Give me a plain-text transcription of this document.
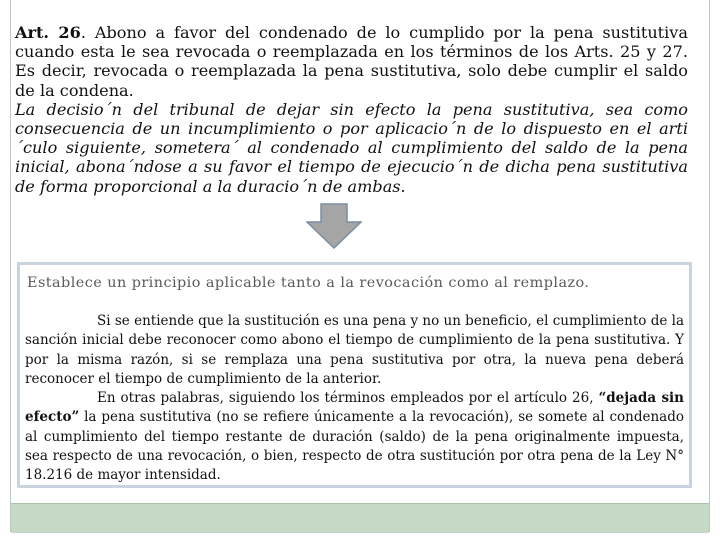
Art. 26. Abono a favor del condenado de lo cumplido por la pena sustitutiva cuando esta le sea revocada o reemplazada en los términos de los Arts. 25 y 27. Es decir, revocada o reemplazada la pena sustitutiva, solo debe cumplir el saldo de la condena.

La decisio´n del tribunal de dejar sin efecto la pena sustitutiva, sea como consecuencia de un incumplimiento o por aplicacio´n de lo dispuesto en el arti´culo siguiente, sometera´ al condenado al cumplimiento del saldo de la pena inicial, abona´ndose a su favor el tiempo de ejecucio´n de dicha pena sustitutiva de forma proporcional a la duracio´n de ambas.

Establece un principio aplicable tanto a la revocación como al remplazo.

Si se entiende que la sustitución es una pena y no un beneficio, el cumplimiento de la sanción inicial debe reconocer como abono el tiempo de cumplimiento de la pena sustitutiva. Y por la misma razón, si se remplaza una pena sustitutiva por otra, la nueva pena deberá reconocer el tiempo de cumplimiento de la anterior.

En otras palabras, siguiendo los términos empleados por el artículo 26, “dejada sin efecto” la pena sustitutiva (no se refiere únicamente a la revocación), se somete al condenado al cumplimiento del tiempo restante de duración (saldo) de la pena originalmente impuesta, sea respecto de una revocación, o bien, respecto de otra sustitución por otra pena de la Ley N° 18.216 de mayor intensidad.
